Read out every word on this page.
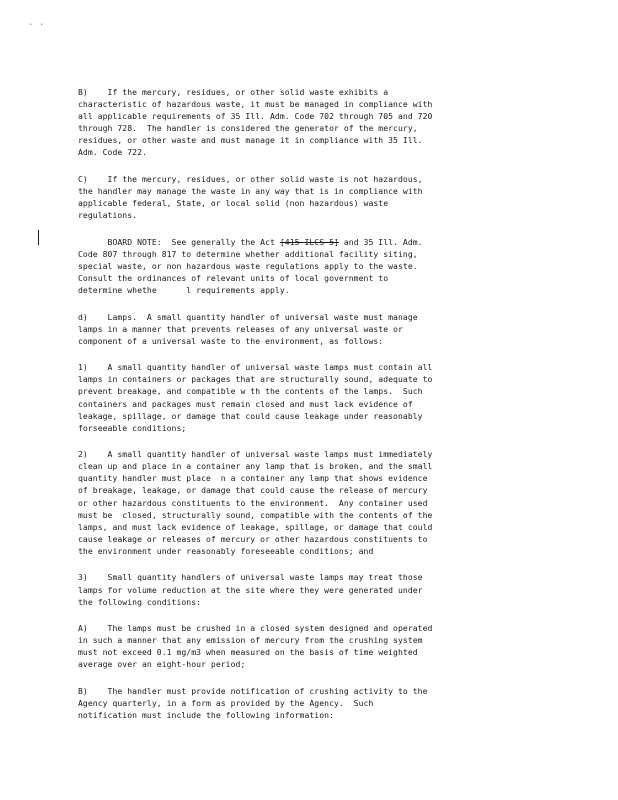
. .
B)    If the mercury, residues, or other solid waste exhibits a
characteristic of hazardous waste, it must be managed in compliance with
all applicable requirements of 35 Ill. Adm. Code 702 through 705 and 720
through 728.  The handler is considered the generator of the mercury,
residues, or other waste and must manage it in compliance with 35 Ill.
Adm. Code 722.
C)    If the mercury, residues, or other solid waste is not hazardous,
the handler may manage the waste in any way that is in compliance with
applicable federal, State, or local solid (non hazardous) waste
regulations.
BOARD NOTE:  See generally the Act [415 ILCS 5] and 35 Ill. Adm.
Code 807 through 817 to determine whether additional facility siting,
special waste, or non hazardous waste regulations apply to the waste.
Consult the ordinances of relevant units of local government to
determine whethe      l requirements apply.
d)    Lamps.  A small quantity handler of universal waste must manage
lamps in a manner that prevents releases of any universal waste or
component of a universal waste to the environment, as follows:
1)    A small quantity handler of universal waste lamps must contain all
lamps in containers or packages that are structurally sound, adequate to
prevent breakage, and compatible w th the contents of the lamps.  Such
containers and packages must remain closed and must lack evidence of
leakage, spillage, or damage that could cause leakage under reasonably
forseeable conditions;
2)    A small quantity handler of universal waste lamps must immediately
clean up and place in a container any lamp that is broken, and the small
quantity handler must place  n a container any lamp that shows evidence
of breakage, leakage, or damage that could cause the release of mercury
or other hazardous constituents to the environment.  Any container used
must be  closed, structurally sound, compatible with the contents of the
lamps, and must lack evidence of leakage, spillage, or damage that could
cause leakage or releases of mercury or other hazardous constituents to
the environment under reasonably foreseeable conditions; and
3)    Small quantity handlers of universal waste lamps may treat those
lamps for volume reduction at the site where they were generated under
the following conditions:
A)    The lamps must be crushed in a closed system designed and operated
in such a manner that any emission of mercury from the crushing system
must not exceed 0.1 mg/m3 when measured on the basis of time weighted
average over an eight-hour period;
B)    The handler must provide notification of crushing activity to the
Agency quarterly, in a form as provided by the Agency.  Such
notification must include the following information:
